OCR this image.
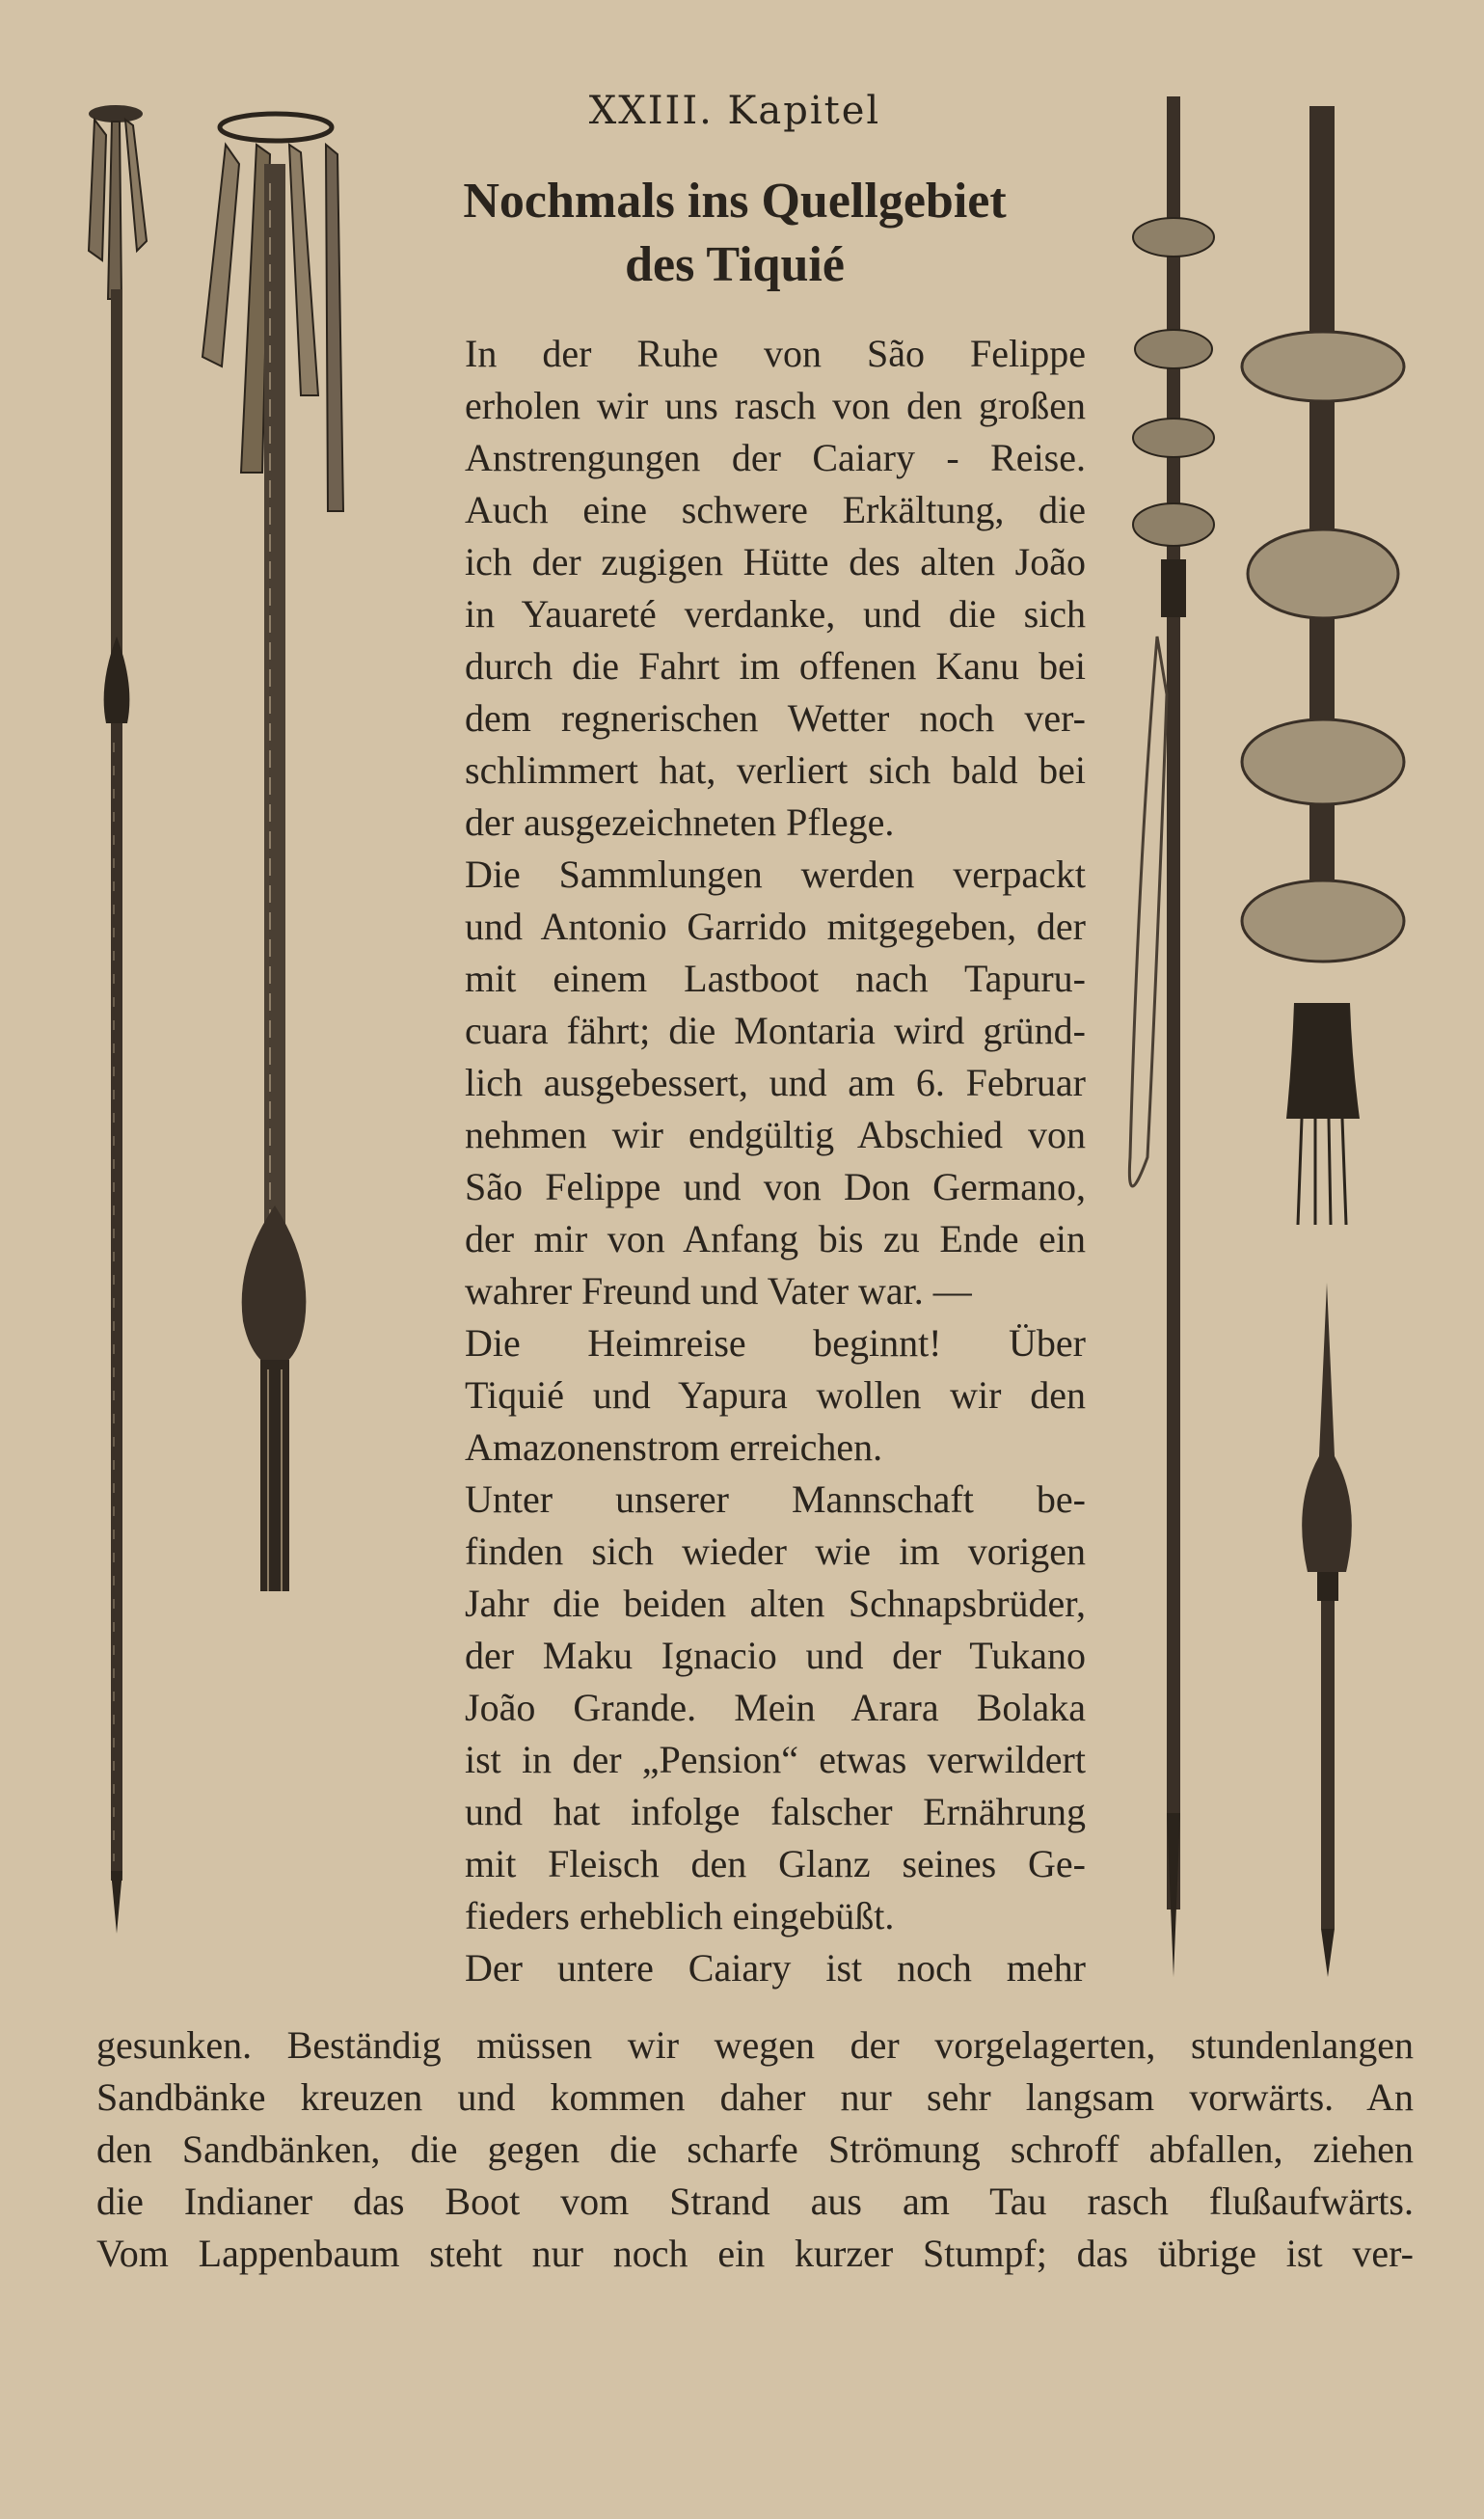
XXIII. Kapitel
Nochmals ins Quellgebiet
des Tiquié

In der Ruhe von São Felippe
erholen wir uns rasch von den großen
Anstrengungen der Caiary - Reise.
Auch eine schwere Erkältung, die
ich der zugigen Hütte des alten João
in Yauareté verdanke, und die sich
durch die Fahrt im offenen Kanu bei
dem regnerischen Wetter noch ver-
schlimmert hat, verliert sich bald bei
der ausgezeichneten Pflege.

Die Sammlungen werden verpackt
und Antonio Garrido mitgegeben, der
mit einem Lastboot nach Tapuru-
cuara fährt; die Montaria wird gründ-
lich ausgebessert, und am 6. Februar
nehmen wir endgültig Abschied von
São Felippe und von Don Germano,
der mir von Anfang bis zu Ende ein
wahrer Freund und Vater war. —

Die Heimreise beginnt! Über
Tiquié und Yapura wollen wir den
Amazonenstrom erreichen.

Unter unserer Mannschaft be-
finden sich wieder wie im vorigen
Jahr die beiden alten Schnapsbrüder,
der Maku Ignacio und der Tukano
João Grande. Mein Arara Bolaka
ist in der „Pension“ etwas verwildert
und hat infolge falscher Ernährung
mit Fleisch den Glanz seines Ge-
fieders erheblich eingebüßt.

Der untere Caiary ist noch mehr

gesunken. Beständig müssen wir wegen der vorgelagerten, stundenlangen
Sandbänke kreuzen und kommen daher nur sehr langsam vorwärts. An
den Sandbänken, die gegen die scharfe Strömung schroff abfallen, ziehen
die Indianer das Boot vom Strand aus am Tau rasch flußaufwärts.
Vom Lappenbaum steht nur noch ein kurzer Stumpf; das übrige ist ver-
